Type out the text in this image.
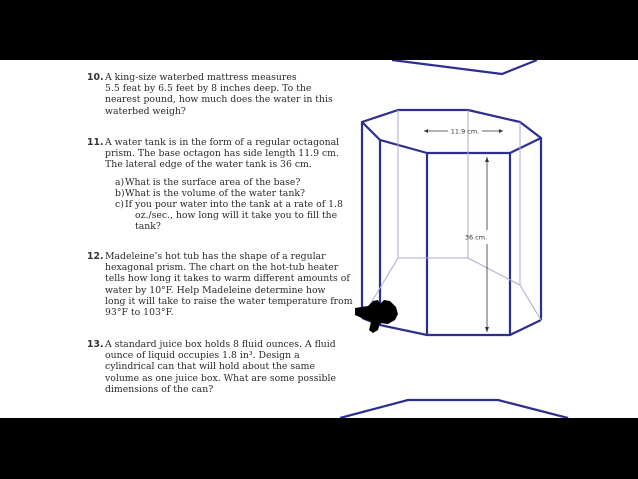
10. A king-size waterbed mattress measures
5.5 feat by 6.5 feet by 8 inches deep. To the
nearest pound, how much does the water in this
waterbed weigh?
11. A water tank is in the form of a regular octagonal
prism. The base octagon has side length 11.9 cm.
The lateral edge of the water tank is 36 cm.
a) What is the surface area of the base?
b) What is the volume of the water tank?
c) If you pour water into the tank at a rate of 1.8
oz./sec., how long will it take you to fill the tank?
12. Madeleine’s hot tub has the shape of a regular
hexagonal prism. The chart on the hot-tub heater
tells how long it takes to warm different amounts of
water by 10°F. Help Madeleine determine how
long it will take to raise the water temperature from
93°F to 103°F.
13. A standard juice box holds 8 fluid ounces. A fluid
ounce of liquid occupies 1.8 in³. Design a
cylindrical can that will hold about the same
volume as one juice box. What are some possible
dimensions of the can?
11.9 cm.
36 cm.
